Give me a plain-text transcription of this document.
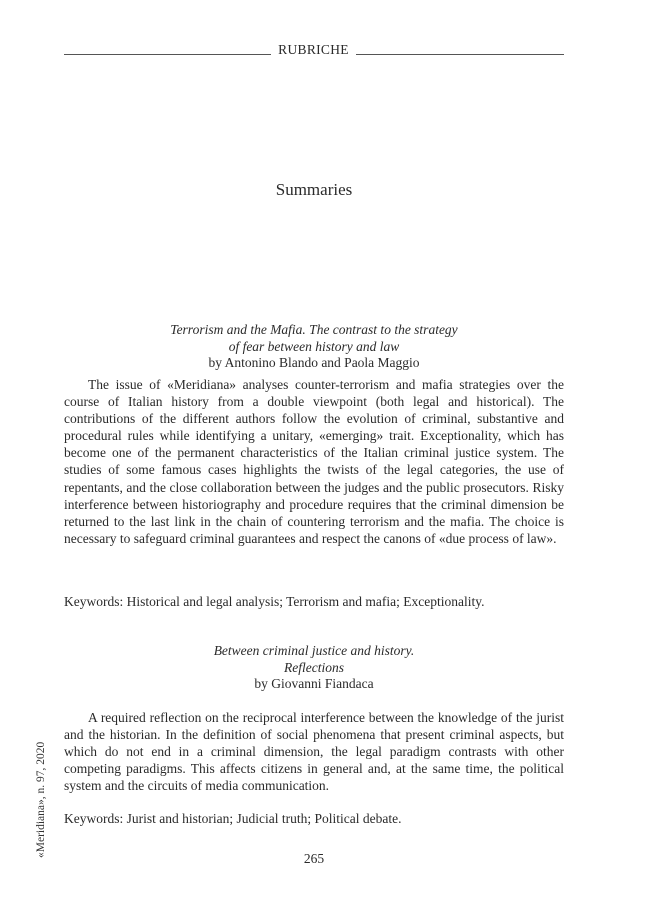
RUBRICHE
Summaries
Terrorism and the Mafia. The contrast to the strategy
of fear between history and law
by Antonino Blando and Paola Maggio

The issue of «Meridiana» analyses counter-terrorism and mafia strategies over the course of Italian history from a double viewpoint (both legal and historical). The contributions of the different authors follow the evolution of criminal, substantive and procedural rules while identifying a unitary, «emerging» trait. Exceptionality, which has become one of the permanent characteristics of the Italian criminal justice system. The studies of some famous cases highlights the twists of the legal categories, the use of repentants, and the close collaboration between the judges and the public prosecutors. Risky interference between historiography and procedure requires that the criminal dimension be returned to the last link in the chain of countering terrorism and the mafia. The choice is necessary to safeguard criminal guarantees and respect the canons of «due process of law».

Keywords: Historical and legal analysis; Terrorism and mafia; Exceptionality.

Between criminal justice and history.
Reflections
by Giovanni Fiandaca

A required reflection on the reciprocal interference between the knowledge of the jurist and the historian. In the definition of social phenomena that present criminal aspects, but which do not end in a criminal dimension, the legal paradigm contrasts with other competing paradigms. This affects citizens in general and, at the same time, the political system and the circuits of media communication.

Keywords: Jurist and historian; Judicial truth; Political debate.

«Meridiana», n. 97, 2020
265
